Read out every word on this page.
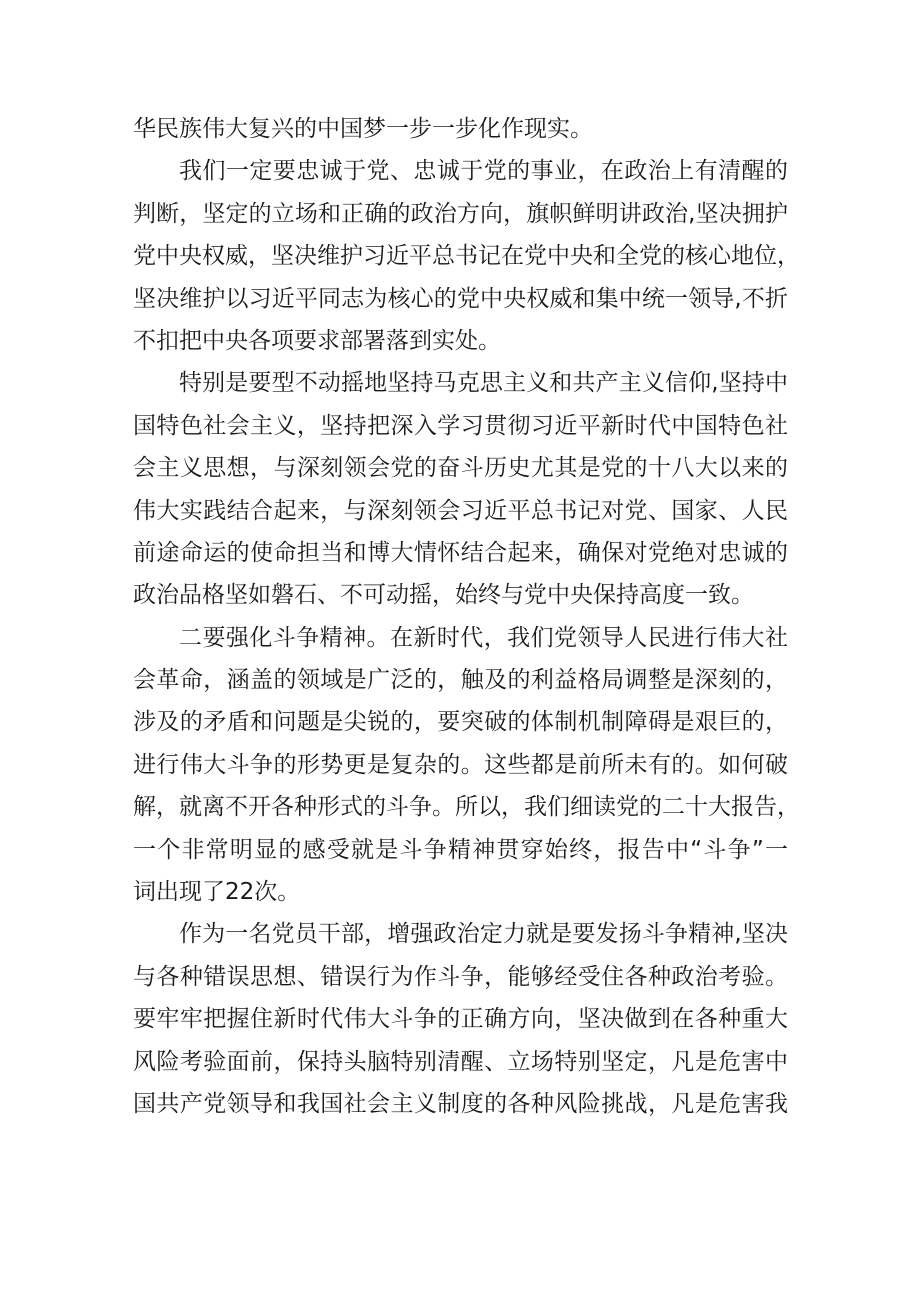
华民族伟大复兴的中国梦一步一步化作现实。
我们一定要忠诚于党、忠诚于党的事业，在政治上有清醒的
判断，坚定的立场和正确的政治方向，旗帜鲜明讲政治,坚决拥护
党中央权威，坚决维护习近平总书记在党中央和全党的核心地位，
坚决维护以习近平同志为核心的党中央权威和集中统一领导,不折
不扣把中央各项要求部署落到实处。
特别是要型不动摇地坚持马克思主义和共产主义信仰,坚持中
国特色社会主义，坚持把深入学习贯彻习近平新时代中国特色社
会主义思想，与深刻领会党的奋斗历史尤其是党的十八大以来的
伟大实践结合起来，与深刻领会习近平总书记对党、国家、人民
前途命运的使命担当和博大情怀结合起来，确保对党绝对忠诚的
政治品格坚如磐石、不可动摇，始终与党中央保持高度一致。
二要强化斗争精神。在新时代，我们党领导人民进行伟大社
会革命，涵盖的领域是广泛的，触及的利益格局调整是深刻的，
涉及的矛盾和问题是尖锐的，要突破的体制机制障碍是艰巨的，
进行伟大斗争的形势更是复杂的。这些都是前所未有的。如何破
解，就离不开各种形式的斗争。所以，我们细读党的二十大报告，
一个非常明显的感受就是斗争精神贯穿始终，报告中“斗争”一
词出现了22次。
作为一名党员干部，增强政治定力就是要发扬斗争精神,坚决
与各种错误思想、错误行为作斗争，能够经受住各种政治考验。
要牢牢把握住新时代伟大斗争的正确方向，坚决做到在各种重大
风险考验面前，保持头脑特别清醒、立场特别坚定，凡是危害中
国共产党领导和我国社会主义制度的各种风险挑战，凡是危害我
